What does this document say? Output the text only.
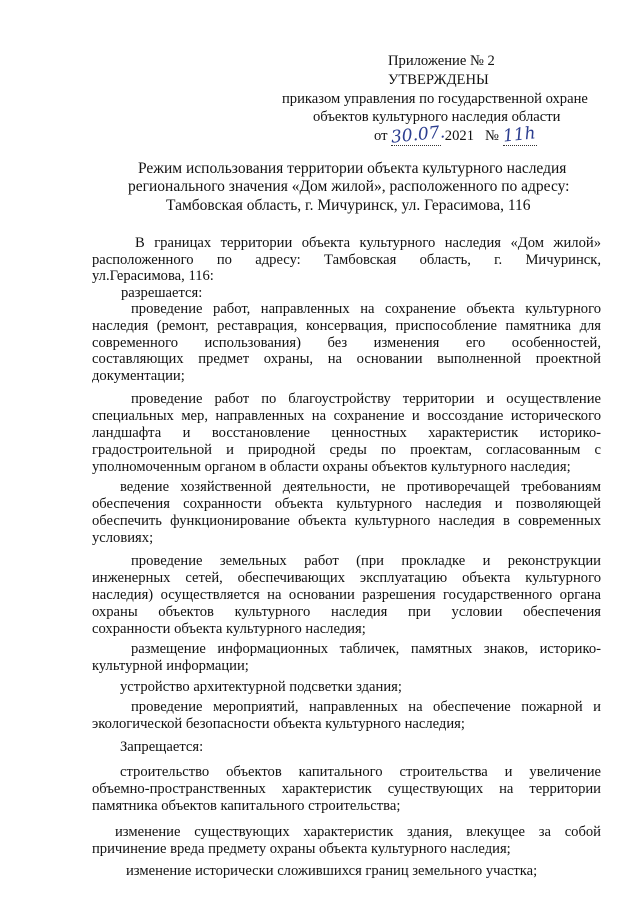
Приложение № 2
УТВЕРЖДЕНЫ
приказом управления по государственной охране
объектов культурного наследия области
от 30.07. 2021 № 11h
Режим использования территории объекта культурного наследия
регионального значения «Дом жилой», расположенного по адресу:
Тамбовская область, г. Мичуринск, ул. Герасимова, 116
В границах территории объекта культурного наследия «Дом жилой»
расположенного по адресу: Тамбовская область, г. Мичуринск,
ул.Герасимова, 116:
разрешается:
проведение работ, направленных на сохранение объекта культурного
наследия (ремонт, реставрация, консервация, приспособление памятника для
современного использования) без изменения его особенностей,
составляющих предмет охраны, на основании выполненной проектной
документации;
проведение работ по благоустройству территории и осуществление
специальных мер, направленных на сохранение и воссоздание исторического
ландшафта и восстановление ценностных характеристик историко-
градостроительной и природной среды по проектам, согласованным с
уполномоченным органом в области охраны объектов культурного наследия;
ведение хозяйственной деятельности, не противоречащей требованиям
обеспечения сохранности объекта культурного наследия и позволяющей
обеспечить функционирование объекта культурного наследия в современных
условиях;
проведение земельных работ (при прокладке и реконструкции
инженерных сетей, обеспечивающих эксплуатацию объекта культурного
наследия) осуществляется на основании разрешения государственного органа
охраны объектов культурного наследия при условии обеспечения
сохранности объекта культурного наследия;
размещение информационных табличек, памятных знаков, историко-
культурной информации;
устройство архитектурной подсветки здания;
проведение мероприятий, направленных на обеспечение пожарной и
экологической безопасности объекта культурного наследия;
Запрещается:
строительство объектов капитального строительства и увеличение
объемно-пространственных характеристик существующих на территории
памятника объектов капитального строительства;
изменение существующих характеристик здания, влекущее за собой
причинение вреда предмету охраны объекта культурного наследия;
изменение исторически сложившихся границ земельного участка;
